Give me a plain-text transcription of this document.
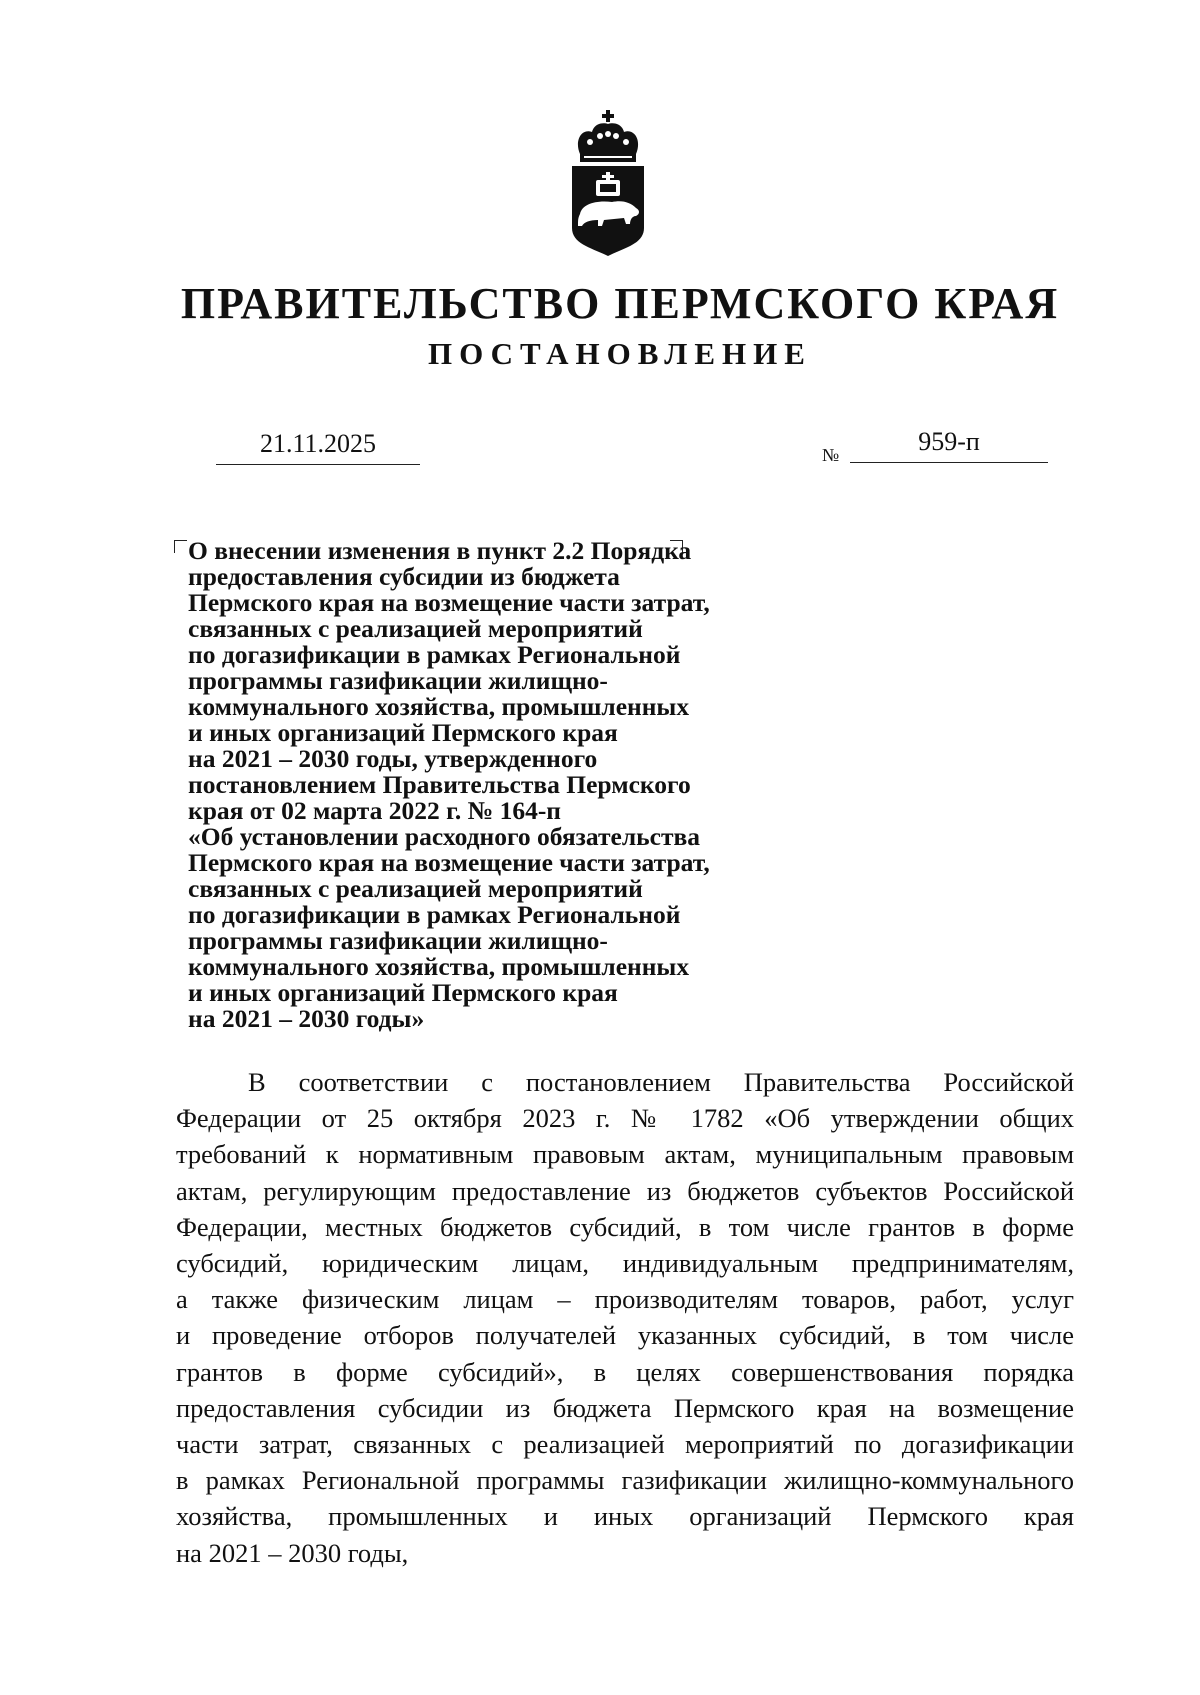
ПРАВИТЕЛЬСТВО ПЕРМСКОГО КРАЯ
ПОСТАНОВЛЕНИЕ
21.11.2025	№	959-п
О внесении изменения в пункт 2.2 Порядка
предоставления субсидии из бюджета
Пермского края на возмещение части затрат,
связанных с реализацией мероприятий
по догазификации в рамках Региональной
программы газификации жилищно-
коммунального хозяйства, промышленных
и иных организаций Пермского края
на 2021 – 2030 годы, утвержденного
постановлением Правительства Пермского
края от 02 марта 2022 г. № 164-п
«Об установлении расходного обязательства
Пермского края на возмещение части затрат,
связанных с реализацией мероприятий
по догазификации в рамках Региональной
программы газификации жилищно-
коммунального хозяйства, промышленных
и иных организаций Пермского края
на 2021 – 2030 годы»
В соответствии с постановлением Правительства Российской
Федерации от 25 октября 2023 г. № 1782 «Об утверждении общих
требований к нормативным правовым актам, муниципальным правовым
актам, регулирующим предоставление из бюджетов субъектов Российской
Федерации, местных бюджетов субсидий, в том числе грантов в форме
субсидий, юридическим лицам, индивидуальным предпринимателям,
а также физическим лицам – производителям товаров, работ, услуг
и проведение отборов получателей указанных субсидий, в том числе
грантов в форме субсидий», в целях совершенствования порядка
предоставления субсидии из бюджета Пермского края на возмещение
части затрат, связанных с реализацией мероприятий по догазификации
в рамках Региональной программы газификации жилищно-коммунального
хозяйства, промышленных и иных организаций Пермского края
на 2021 – 2030 годы,
